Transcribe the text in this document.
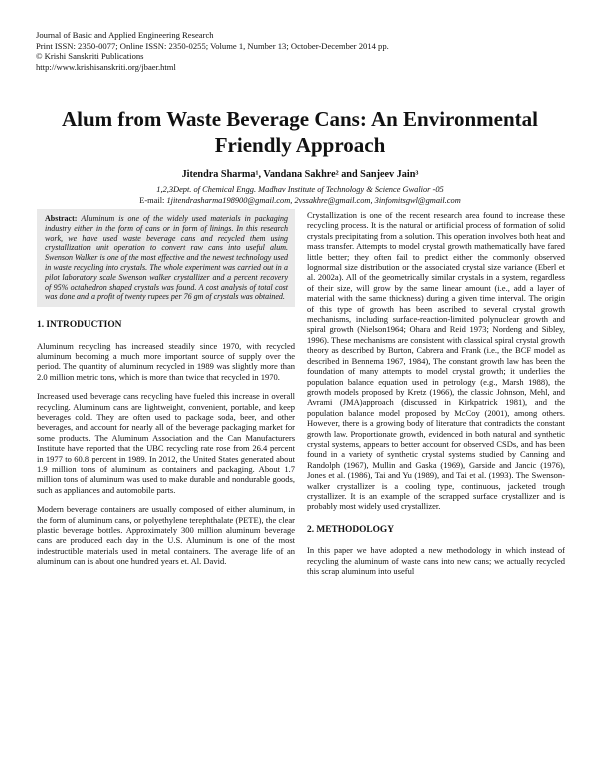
Journal of Basic and Applied Engineering Research
Print ISSN: 2350-0077; Online ISSN: 2350-0255; Volume 1, Number 13; October-December 2014 pp.
© Krishi Sanskriti Publications
http://www.krishisanskriti.org/jbaer.html
Alum from Waste Beverage Cans: An Environmental Friendly Approach
Jitendra Sharma¹, Vandana Sakhre² and Sanjeev Jain³
1,2,3Dept. of Chemical Engg. Madhav Institute of Technology & Science Gwalior -05
E-mail: 1jitendrasharma198900@gmail.com, 2vssakhre@gmail.com, 3infomitsgwl@gmail.com
Abstract: Aluminum is one of the widely used materials in packaging industry either in the form of cans or in form of linings. In this research work, we have used waste beverage cans and recycled them using crystallization unit operation to convert raw cans into useful alum. Swenson Walker is one of the most effective and the newest technology used in waste recycling into crystals. The whole experiment was carried out in a pilot laboratory scale Swenson walker crystallizer and a percent recovery of 95% octahedron shaped crystals was found. A cost analysis of total cost was done and a profit of twenty rupees per 76 gm of crystals was obtained.
1. INTRODUCTION

Aluminum recycling has increased steadily since 1970, with recycled aluminum becoming a much more important source of supply over the period. The quantity of aluminum recycled in 1989 was slightly more than 2.0 million metric tons, which is more than twice that recycled in 1970.

Increased used beverage cans recycling have fueled this increase in overall recycling. Aluminum cans are lightweight, convenient, portable, and keep beverages cold. They are often used to package soda, beer, and other beverages, and account for nearly all of the beverage packaging market for some products. The Aluminum Association and the Can Manufacturers Institute have reported that the UBC recycling rate rose from 26.4 percent in 1977 to 60.8 percent in 1989. In 2012, the United States generated about 1.9 million tons of aluminum as containers and packaging. About 1.7 million tons of aluminum was used to make durable and nondurable goods, such as appliances and automobile parts.

Modern beverage containers are usually composed of either aluminum, in the form of aluminum cans, or polyethylene terephthalate (PETE), the clear plastic beverage bottles. Approximately 300 million aluminum beverage cans are produced each day in the U.S. Aluminum is one of the most indestructible materials used in metal containers. The average life of an aluminum can is about one hundred years et. Al. David.

Crystallization is one of the recent research area found to increase these recycling process. It is the natural or artificial process of formation of solid crystals precipitating from a solution. This operation involves both heat and mass transfer. Attempts to model crystal growth mathematically have fared little better; they often fail to predict either the commonly observed lognormal size distribution or the associated crystal size variance (Eberl et al. 2002a). All of the geometrically similar crystals in a system, regardless of their size, will grow by the same linear amount (i.e., add a layer of material with the same thickness) during a given time interval. The origin of this type of growth has been ascribed to several crystal growth mechanisms, including surface-reaction-limited polynuclear growth and spiral growth (Nielson1964; Ohara and Reid 1973; Nordeng and Sibley, 1996). These mechanisms are consistent with classical spiral crystal growth theory as described by Burton, Cabrera and Frank (i.e., the BCF model as described in Bennema 1967, 1984), The constant growth law has been the foundation of many attempts to model crystal growth; it underlies the population balance equation used in petrology (e.g., Marsh 1988), the growth models proposed by Kretz (1966), the classic Johnson, Mehl, and Avrami (JMA)approach (discussed in Kirkpatrick 1981), and the population balance model proposed by McCoy (2001), among others. However, there is a growing body of literature that contradicts the constant growth law. Proportionate growth, evidenced in both natural and synthetic crystal systems, appears to better account for observed CSDs, and has been found in a variety of synthetic crystal systems studied by Canning and Randolph (1967), Mullin and Gaska (1969), Garside and Jancic (1976), Jones et al. (1986), Tai and Yu (1989), and Tai et al. (1993). The Swenson-walker crystallizer is a cooling type, continuous, jacketed trough crystallizer. It is an example of the scrapped surface crystallizer and is probably most widely used crystallizer.

2. METHODOLOGY

In this paper we have adopted a new methodology in which instead of recycling the aluminum of waste cans into new cans; we actually recycled this scrap aluminum into useful
